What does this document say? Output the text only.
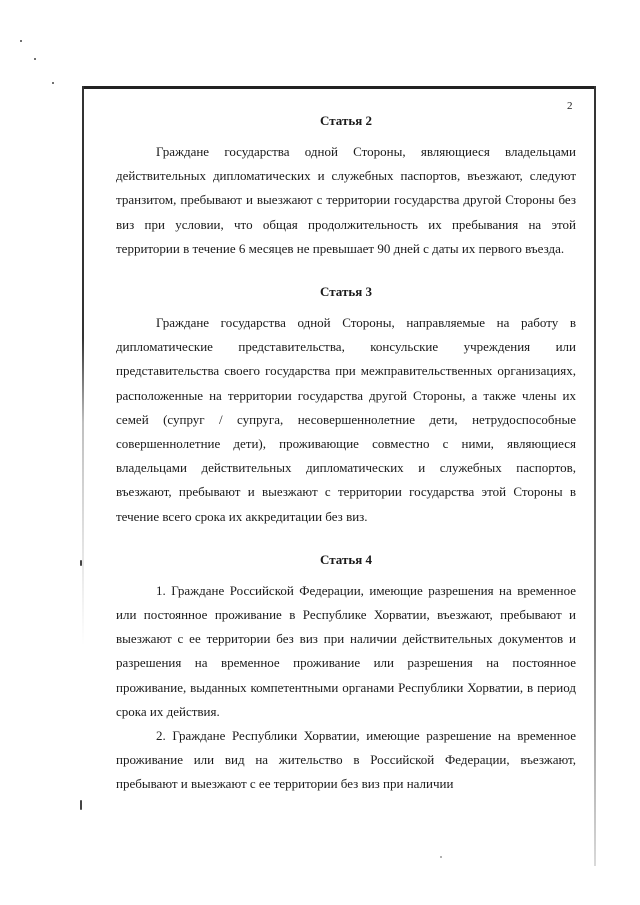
2
Статья 2

Граждане государства одной Стороны, являющиеся владельцами действительных дипломатических и служебных паспортов, въезжают, следуют транзитом, пребывают и выезжают с территории государства другой Стороны без виз при условии, что общая продолжительность их пребывания на этой территории в течение 6 месяцев не превышает 90 дней с даты их первого въезда.

Статья 3

Граждане государства одной Стороны, направляемые на работу в дипломатические представительства, консульские учреждения или представительства своего государства при межправительственных организациях, расположенные на территории государства другой Стороны, а также члены их семей (супруг / супруга, несовершеннолетние дети, нетрудоспособные совершеннолетние дети), проживающие совместно с ними, являющиеся владельцами действительных дипломатических и служебных паспортов, въезжают, пребывают и выезжают с территории государства этой Стороны в течение всего срока их аккредитации без виз.

Статья 4

1. Граждане Российской Федерации, имеющие разрешения на временное или постоянное проживание в Республике Хорватии, въезжают, пребывают и выезжают с ее территории без виз при наличии действительных документов и разрешения на временное проживание или разрешения на постоянное проживание, выданных компетентными органами Республики Хорватии, в период срока их действия.

2. Граждане Республики Хорватии, имеющие разрешение на временное проживание или вид на жительство в Российской Федерации, въезжают, пребывают и выезжают с ее территории без виз при наличии
